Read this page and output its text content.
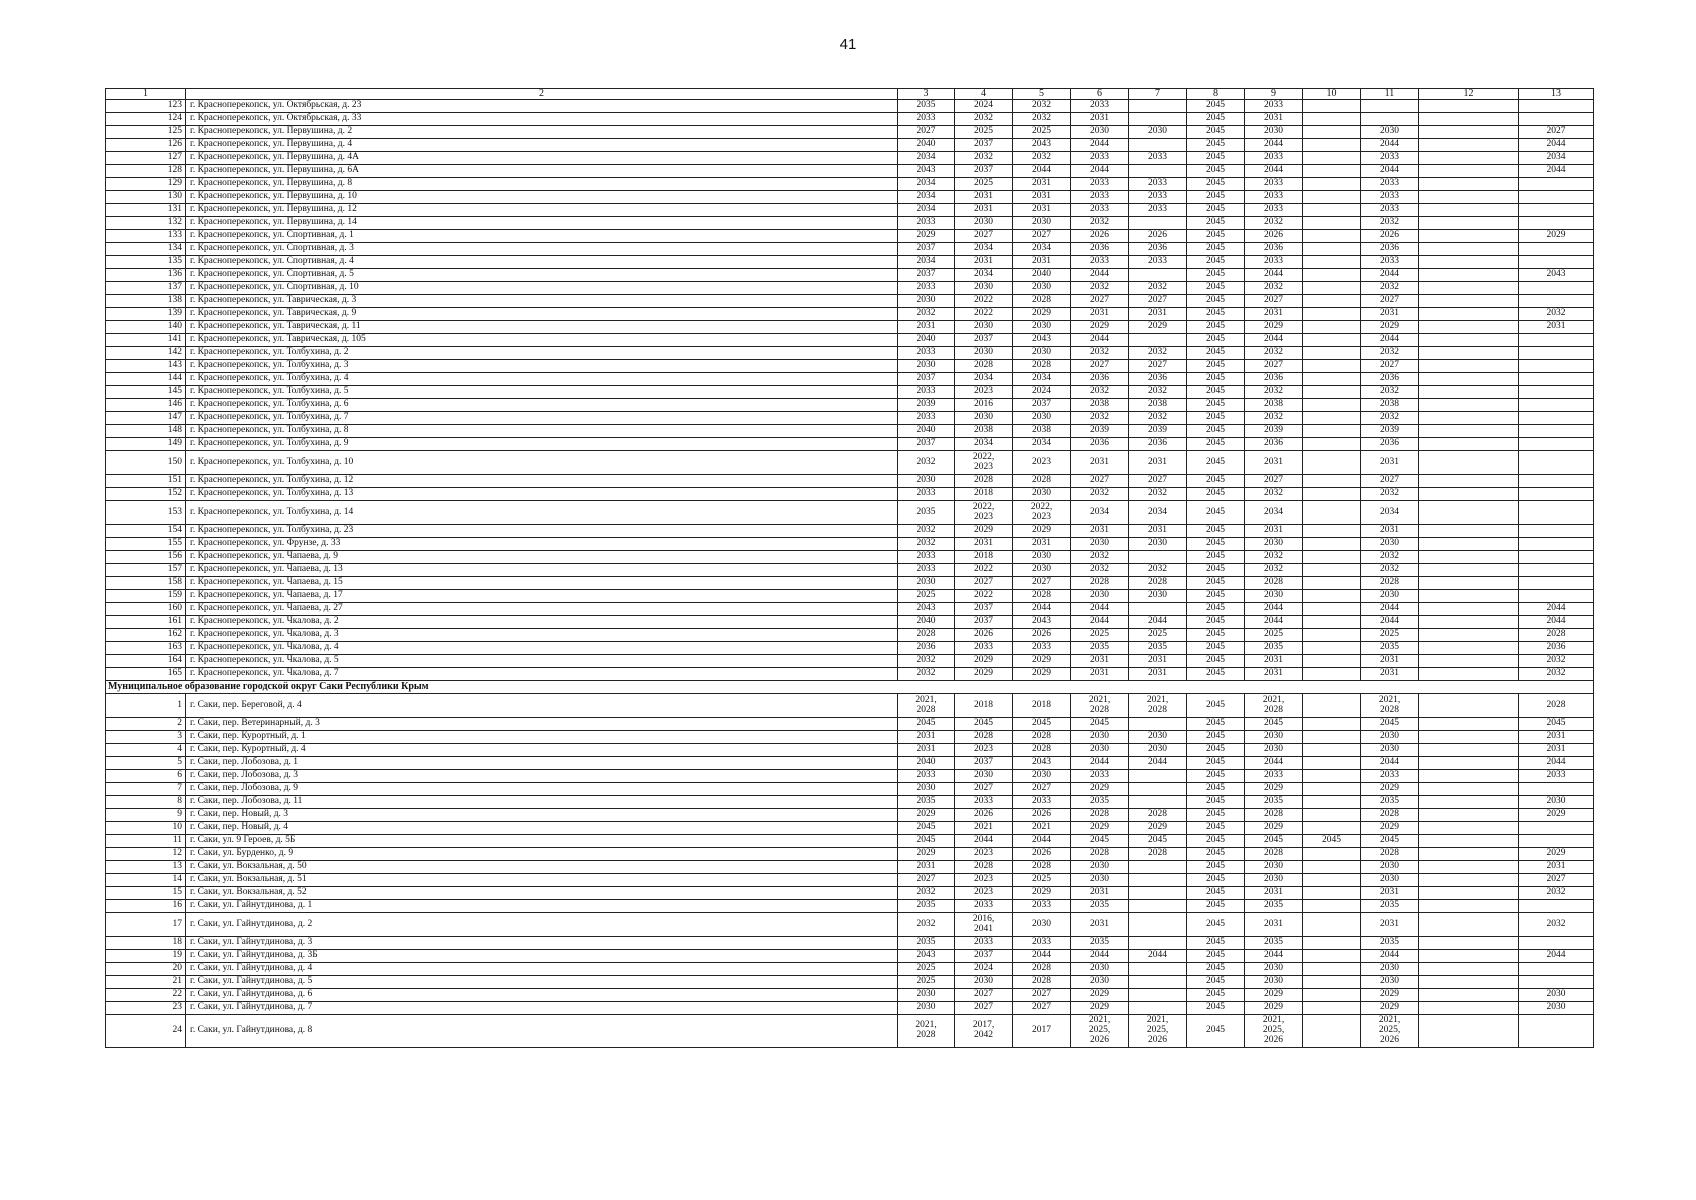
41
1	2	3	4	5	6	7	8	9	10	11	12	13
123	г. Красноперекопск, ул. Октябрьская, д. 23	2035	2024	2032	2033		2045	2033				
124	г. Красноперекопск, ул. Октябрьская, д. 33	2033	2032	2032	2031		2045	2031				
125	г. Красноперекопск, ул. Первушина, д. 2	2027	2025	2025	2030	2030	2045	2030		2030		2027
126	г. Красноперекопск, ул. Первушина, д. 4	2040	2037	2043	2044		2045	2044		2044		2044
127	г. Красноперекопск, ул. Первушина, д. 4А	2034	2032	2032	2033	2033	2045	2033		2033		2034
128	г. Красноперекопск, ул. Первушина, д. 6А	2043	2037	2044	2044		2045	2044		2044		2044
129	г. Красноперекопск, ул. Первушина, д. 8	2034	2025	2031	2033	2033	2045	2033		2033		
130	г. Красноперекопск, ул. Первушина, д. 10	2034	2031	2031	2033	2033	2045	2033		2033		
131	г. Красноперекопск, ул. Первушина, д. 12	2034	2031	2031	2033	2033	2045	2033		2033		
132	г. Красноперекопск, ул. Первушина, д. 14	2033	2030	2030	2032		2045	2032		2032		
133	г. Красноперекопск, ул. Спортивная, д. 1	2029	2027	2027	2026	2026	2045	2026		2026		2029
134	г. Красноперекопск, ул. Спортивная, д. 3	2037	2034	2034	2036	2036	2045	2036		2036		
135	г. Красноперекопск, ул. Спортивная, д. 4	2034	2031	2031	2033	2033	2045	2033		2033		
136	г. Красноперекопск, ул. Спортивная, д. 5	2037	2034	2040	2044		2045	2044		2044		2043
137	г. Красноперекопск, ул. Спортивная, д. 10	2033	2030	2030	2032	2032	2045	2032		2032		
138	г. Красноперекопск, ул. Таврическая, д. 3	2030	2022	2028	2027	2027	2045	2027		2027		
139	г. Красноперекопск, ул. Таврическая, д. 9	2032	2022	2029	2031	2031	2045	2031		2031		2032
140	г. Красноперекопск, ул. Таврическая, д. 11	2031	2030	2030	2029	2029	2045	2029		2029		2031
141	г. Красноперекопск, ул. Таврическая, д. 105	2040	2037	2043	2044		2045	2044		2044		
142	г. Красноперекопск, ул. Толбухина, д. 2	2033	2030	2030	2032	2032	2045	2032		2032		
143	г. Красноперекопск, ул. Толбухина, д. 3	2030	2028	2028	2027	2027	2045	2027		2027		
144	г. Красноперекопск, ул. Толбухина, д. 4	2037	2034	2034	2036	2036	2045	2036		2036		
145	г. Красноперекопск, ул. Толбухина, д. 5	2033	2023	2024	2032	2032	2045	2032		2032		
146	г. Красноперекопск, ул. Толбухина, д. 6	2039	2016	2037	2038	2038	2045	2038		2038		
147	г. Красноперекопск, ул. Толбухина, д. 7	2033	2030	2030	2032	2032	2045	2032		2032		
148	г. Красноперекопск, ул. Толбухина, д. 8	2040	2038	2038	2039	2039	2045	2039		2039		
149	г. Красноперекопск, ул. Толбухина, д. 9	2037	2034	2034	2036	2036	2045	2036		2036		
150	г. Красноперекопск, ул. Толбухина, д. 10	2032	2022,
2023	2023	2031	2031	2045	2031		2031		
151	г. Красноперекопск, ул. Толбухина, д. 12	2030	2028	2028	2027	2027	2045	2027		2027		
152	г. Красноперекопск, ул. Толбухина, д. 13	2033	2018	2030	2032	2032	2045	2032		2032		
153	г. Красноперекопск, ул. Толбухина, д. 14	2035	2022,
2023	2022,
2023	2034	2034	2045	2034		2034		
154	г. Красноперекопск, ул. Толбухина, д. 23	2032	2029	2029	2031	2031	2045	2031		2031		
155	г. Красноперекопск, ул. Фрунзе, д. 33	2032	2031	2031	2030	2030	2045	2030		2030		
156	г. Красноперекопск, ул. Чапаева, д. 9	2033	2018	2030	2032		2045	2032		2032		
157	г. Красноперекопск, ул. Чапаева, д. 13	2033	2022	2030	2032	2032	2045	2032		2032		
158	г. Красноперекопск, ул. Чапаева, д. 15	2030	2027	2027	2028	2028	2045	2028		2028		
159	г. Красноперекопск, ул. Чапаева, д. 17	2025	2022	2028	2030	2030	2045	2030		2030		
160	г. Красноперекопск, ул. Чапаева, д. 27	2043	2037	2044	2044		2045	2044		2044		2044
161	г. Красноперекопск, ул. Чкалова, д. 2	2040	2037	2043	2044	2044	2045	2044		2044		2044
162	г. Красноперекопск, ул. Чкалова, д. 3	2028	2026	2026	2025	2025	2045	2025		2025		2028
163	г. Красноперекопск, ул. Чкалова, д. 4	2036	2033	2033	2035	2035	2045	2035		2035		2036
164	г. Красноперекопск, ул. Чкалова, д. 5	2032	2029	2029	2031	2031	2045	2031		2031		2032
165	г. Красноперекопск, ул. Чкалова, д. 7	2032	2029	2029	2031	2031	2045	2031		2031		2032
Муниципальное образование городской округ Саки Республики Крым												
1	г. Саки, пер. Береговой, д. 4	2021,
2028	2018	2018	2021,
2028	2021,
2028	2045	2021,
2028		2021,
2028		2028
2	г. Саки, пер. Ветеринарный, д. 3	2045	2045	2045	2045		2045	2045		2045		2045
3	г. Саки, пер. Курортный, д. 1	2031	2028	2028	2030	2030	2045	2030		2030		2031
4	г. Саки, пер. Курортный, д. 4	2031	2023	2028	2030	2030	2045	2030		2030		2031
5	г. Саки, пер. Лобозова, д. 1	2040	2037	2043	2044	2044	2045	2044		2044		2044
6	г. Саки, пер. Лобозова, д. 3	2033	2030	2030	2033		2045	2033		2033		2033
7	г. Саки, пер. Лобозова, д. 9	2030	2027	2027	2029		2045	2029		2029		
8	г. Саки, пер. Лобозова, д. 11	2035	2033	2033	2035		2045	2035		2035		2030
9	г. Саки, пер. Новый, д. 3	2029	2026	2026	2028	2028	2045	2028		2028		2029
10	г. Саки, пер. Новый, д. 4	2045	2021	2021	2029	2029	2045	2029		2029		
11	г. Саки, ул. 9 Героев, д. 5Б	2045	2044	2044	2045	2045	2045	2045	2045	2045		
12	г. Саки, ул. Бурденко, д. 9	2029	2023	2026	2028	2028	2045	2028		2028		2029
13	г. Саки, ул. Вокзальная, д. 50	2031	2028	2028	2030		2045	2030		2030		2031
14	г. Саки, ул. Вокзальная, д. 51	2027	2023	2025	2030		2045	2030		2030		2027
15	г. Саки, ул. Вокзальная, д. 52	2032	2023	2029	2031		2045	2031		2031		2032
16	г. Саки, ул. Гайнутдинова, д. 1	2035	2033	2033	2035		2045	2035		2035		
17	г. Саки, ул. Гайнутдинова, д. 2	2032	2016,
2041	2030	2031		2045	2031		2031		2032
18	г. Саки, ул. Гайнутдинова, д. 3	2035	2033	2033	2035		2045	2035		2035		
19	г. Саки, ул. Гайнутдинова, д. 3Б	2043	2037	2044	2044	2044	2045	2044		2044		2044
20	г. Саки, ул. Гайнутдинова, д. 4	2025	2024	2028	2030		2045	2030		2030		
21	г. Саки, ул. Гайнутдинова, д. 5	2025	2030	2028	2030		2045	2030		2030		
22	г. Саки, ул. Гайнутдинова, д. 6	2030	2027	2027	2029		2045	2029		2029		2030
23	г. Саки, ул. Гайнутдинова, д. 7	2030	2027	2027	2029		2045	2029		2029		2030
24	г. Саки, ул. Гайнутдинова, д. 8	2021,
2028	2017,
2042	2017	2021,
2025,
2026	2021,
2025,
2026	2045	2021,
2025,
2026		2021,
2025,
2026		
